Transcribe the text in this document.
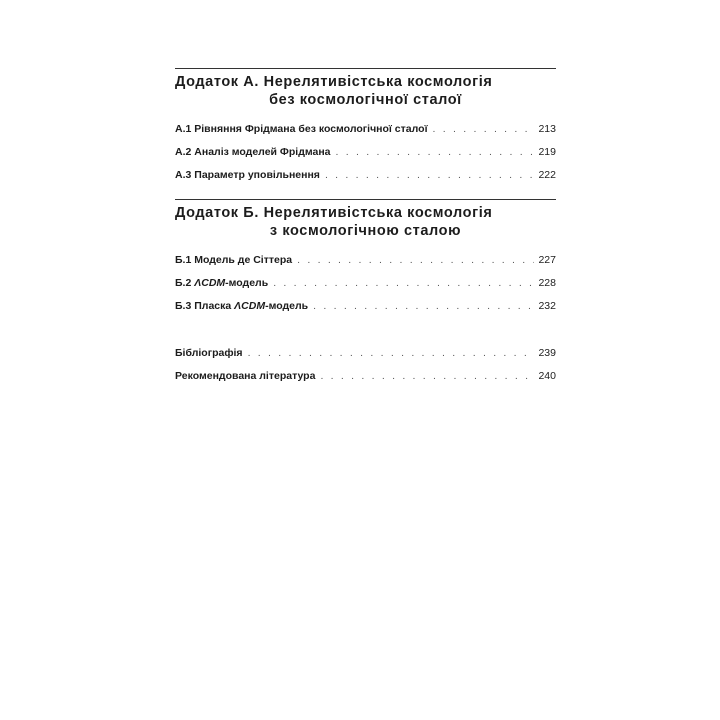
Додаток А. Нерелятивістська космологія
без космологічної сталої
А.1 Рівняння Фрідмана без космологічної сталої . . .	213
А.2 Аналіз моделей Фрідмана . . .	219
А.3 Параметр уповільнення . . .	222
Додаток Б. Нерелятивістська космологія
з космологічною сталою
Б.1 Модель де Сіттера . . .	227
Б.2 ΛCDM-модель . . .	228
Б.3 Пласка ΛCDM-модель . . .	232
Бібліографія . . .	239
Рекомендована література . . .	240
